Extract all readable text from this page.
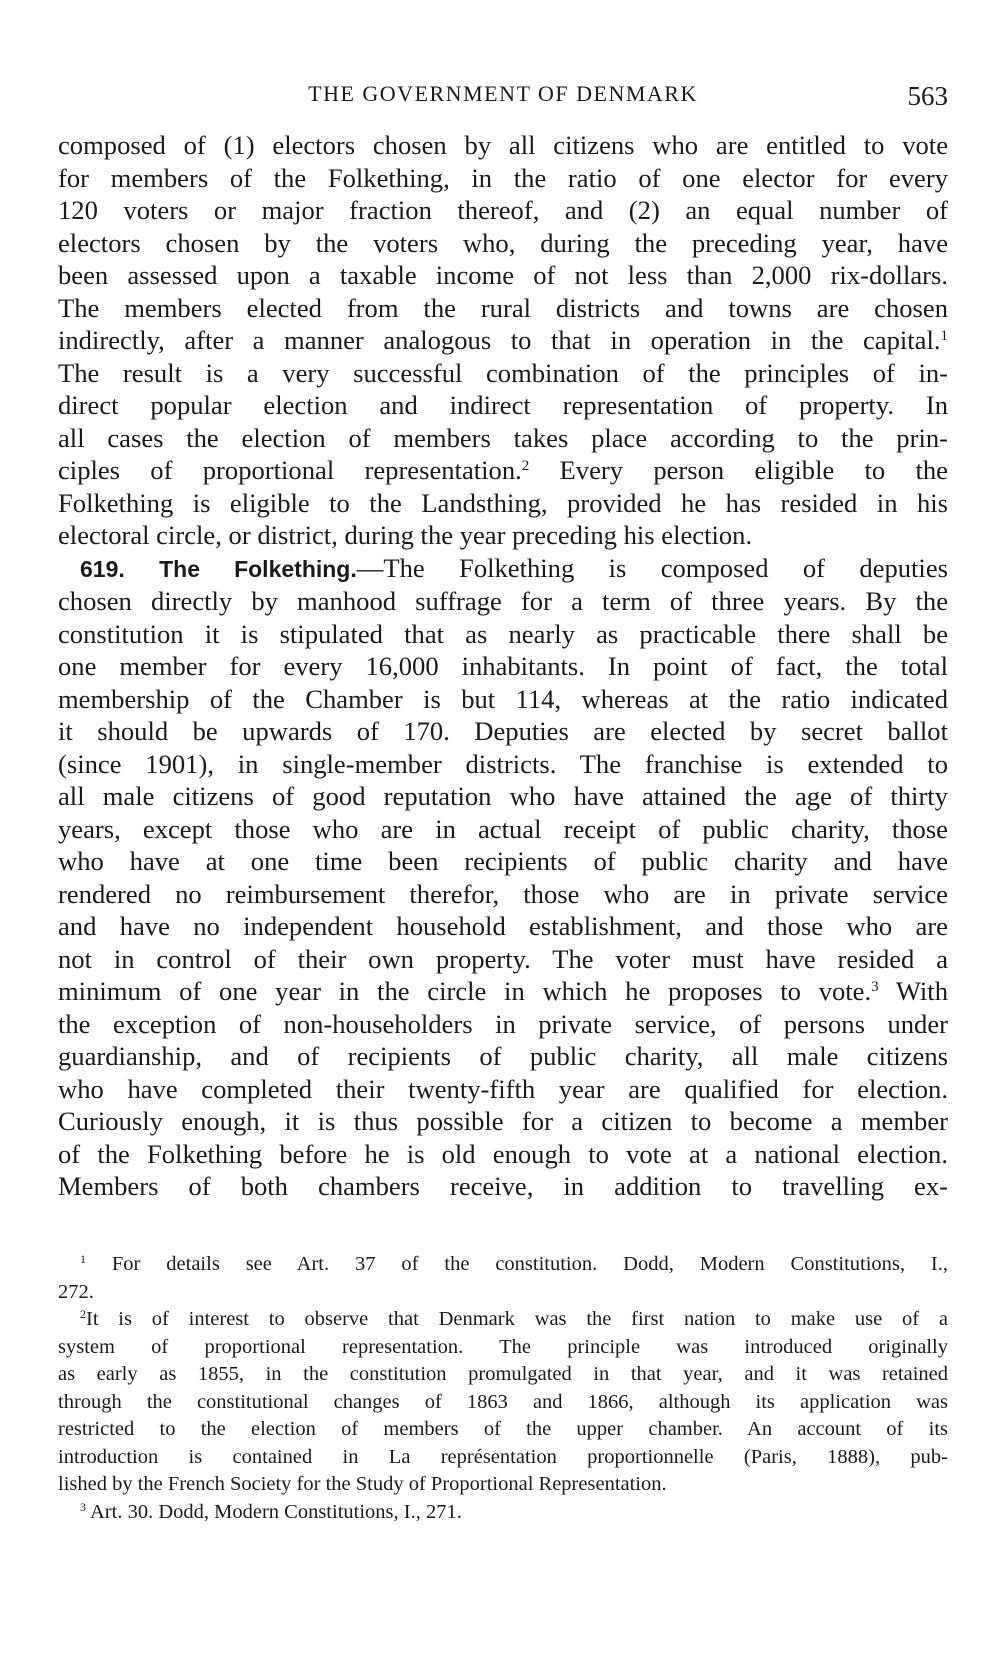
THE GOVERNMENT OF DENMARK	563
composed of (1) electors chosen by all citizens who are entitled to vote
for members of the Folkething, in the ratio of one elector for every
120 voters or major fraction thereof, and (2) an equal number of
electors chosen by the voters who, during the preceding year, have
been assessed upon a taxable income of not less than 2,000 rix-dollars.
The members elected from the rural districts and towns are chosen
indirectly, after a manner analogous to that in operation in the capital.$^1$
The result is a very successful combination of the principles of in-
direct popular election and indirect representation of property. In
all cases the election of members takes place according to the prin-
ciples of proportional representation.$^2$ Every person eligible to the
Folkething is eligible to the Landsthing, provided he has resided in his
electoral circle, or district, during the year preceding his election.
619. The Folkething.—The Folkething is composed of deputies
chosen directly by manhood suffrage for a term of three years. By the
constitution it is stipulated that as nearly as practicable there shall be
one member for every 16,000 inhabitants. In point of fact, the total
membership of the Chamber is but 114, whereas at the ratio indicated
it should be upwards of 170. Deputies are elected by secret ballot
(since 1901), in single-member districts. The franchise is extended to
all male citizens of good reputation who have attained the age of thirty
years, except those who are in actual receipt of public charity, those
who have at one time been recipients of public charity and have
rendered no reimbursement therefor, those who are in private service
and have no independent household establishment, and those who are
not in control of their own property. The voter must have resided a
minimum of one year in the circle in which he proposes to vote.$^3$ With
the exception of non-householders in private service, of persons under
guardianship, and of recipients of public charity, all male citizens
who have completed their twenty-fifth year are qualified for election.
Curiously enough, it is thus possible for a citizen to become a member
of the Folkething before he is old enough to vote at a national election.
Members of both chambers receive, in addition to travelling ex-
$^1$ For details see Art. 37 of the constitution. Dodd, Modern Constitutions, I.,
272.
$^2$It is of interest to observe that Denmark was the first nation to make use of a
system of proportional representation. The principle was introduced originally
as early as 1855, in the constitution promulgated in that year, and it was retained
through the constitutional changes of 1863 and 1866, although its application was
restricted to the election of members of the upper chamber. An account of its
introduction is contained in La représentation proportionnelle (Paris, 1888), pub-
lished by the French Society for the Study of Proportional Representation.
$^3$ Art. 30. Dodd, Modern Constitutions, I., 271.
